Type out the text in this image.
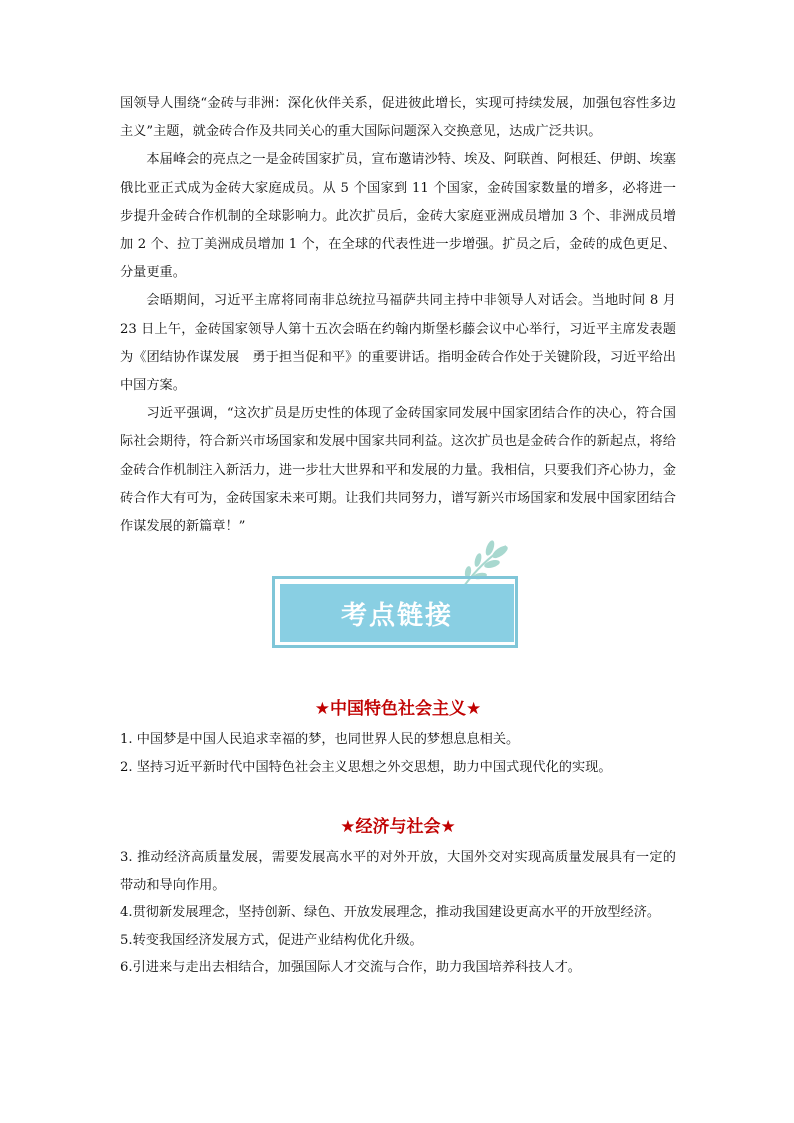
国领导人围绕“金砖与非洲：深化伙伴关系，促进彼此增长，实现可持续发展，加强包容性多边主义”主题，就金砖合作及共同关心的重大国际问题深入交换意见，达成广泛共识。

本届峰会的亮点之一是金砖国家扩员，宣布邀请沙特、埃及、阿联酋、阿根廷、伊朗、埃塞俄比亚正式成为金砖大家庭成员。从 5 个国家到 11 个国家，金砖国家数量的增多，必将进一步提升金砖合作机制的全球影响力。此次扩员后，金砖大家庭亚洲成员增加 3 个、非洲成员增加 2 个、拉丁美洲成员增加 1 个，在全球的代表性进一步增强。扩员之后，金砖的成色更足、分量更重。

会晤期间，习近平主席将同南非总统拉马福萨共同主持中非领导人对话会。当地时间 8 月 23 日上午，金砖国家领导人第十五次会晤在约翰内斯堡杉藤会议中心举行，习近平主席发表题为《团结协作谋发展　勇于担当促和平》的重要讲话。指明金砖合作处于关键阶段，习近平给出中国方案。

习近平强调，“这次扩员是历史性的体现了金砖国家同发展中国家团结合作的决心，符合国际社会期待，符合新兴市场国家和发展中国家共同利益。这次扩员也是金砖合作的新起点，将给金砖合作机制注入新活力，进一步壮大世界和平和发展的力量。我相信，只要我们齐心协力，金砖合作大有可为，金砖国家未来可期。让我们共同努力，谱写新兴市场国家和发展中国家团结合作谋发展的新篇章！”

考点链接
★中国特色社会主义★

1. 中国梦是中国人民追求幸福的梦，也同世界人民的梦想息息相关。

2. 坚持习近平新时代中国特色社会主义思想之外交思想，助力中国式现代化的实现。

★经济与社会★

3. 推动经济高质量发展，需要发展高水平的对外开放，大国外交对实现高质量发展具有一定的带动和导向作用。

4.贯彻新发展理念，坚持创新、绿色、开放发展理念，推动我国建设更高水平的开放型经济。

5.转变我国经济发展方式，促进产业结构优化升级。

6.引进来与走出去相结合，加强国际人才交流与合作，助力我国培养科技人才。
